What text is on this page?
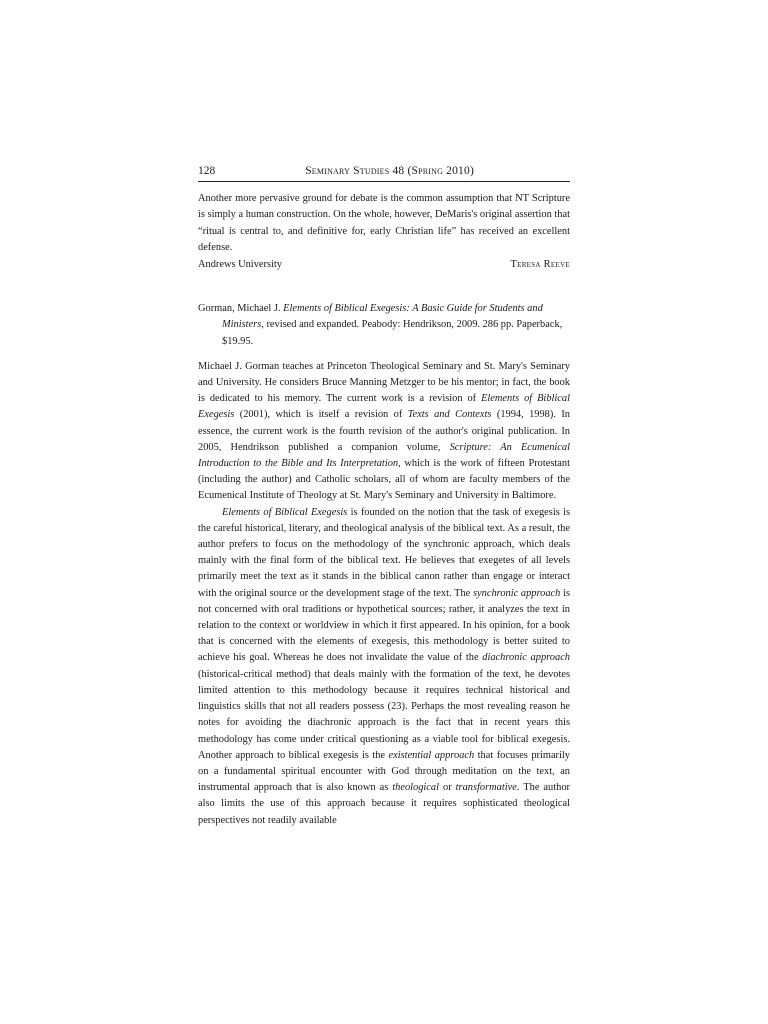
128	Seminary Studies 48 (Spring 2010)

Another more pervasive ground for debate is the common assumption that NT Scripture is simply a human construction. On the whole, however, DeMaris's original assertion that “ritual is central to, and definitive for, early Christian life” has received an excellent defense.

Andrews University	Teresa Reeve

Gorman, Michael J. Elements of Biblical Exegesis: A Basic Guide for Students and Ministers, revised and expanded. Peabody: Hendrikson, 2009. 286 pp. Paperback, $19.95.

Michael J. Gorman teaches at Princeton Theological Seminary and St. Mary's Seminary and University. He considers Bruce Manning Metzger to be his mentor; in fact, the book is dedicated to his memory. The current work is a revision of Elements of Biblical Exegesis (2001), which is itself a revision of Texts and Contexts (1994, 1998). In essence, the current work is the fourth revision of the author's original publication. In 2005, Hendrikson published a companion volume, Scripture: An Ecumenical Introduction to the Bible and Its Interpretation, which is the work of fifteen Protestant (including the author) and Catholic scholars, all of whom are faculty members of the Ecumenical Institute of Theology at St. Mary's Seminary and University in Baltimore.

Elements of Biblical Exegesis is founded on the notion that the task of exegesis is the careful historical, literary, and theological analysis of the biblical text. As a result, the author prefers to focus on the methodology of the synchronic approach, which deals mainly with the final form of the biblical text. He believes that exegetes of all levels primarily meet the text as it stands in the biblical canon rather than engage or interact with the original source or the development stage of the text. The synchronic approach is not concerned with oral traditions or hypothetical sources; rather, it analyzes the text in relation to the context or worldview in which it first appeared. In his opinion, for a book that is concerned with the elements of exegesis, this methodology is better suited to achieve his goal. Whereas he does not invalidate the value of the diachronic approach (historical-critical method) that deals mainly with the formation of the text, he devotes limited attention to this methodology because it requires technical historical and linguistics skills that not all readers possess (23). Perhaps the most revealing reason he notes for avoiding the diachronic approach is the fact that in recent years this methodology has come under critical questioning as a viable tool for biblical exegesis. Another approach to biblical exegesis is the existential approach that focuses primarily on a fundamental spiritual encounter with God through meditation on the text, an instrumental approach that is also known as theological or transformative. The author also limits the use of this approach because it requires sophisticated theological perspectives not readily available
